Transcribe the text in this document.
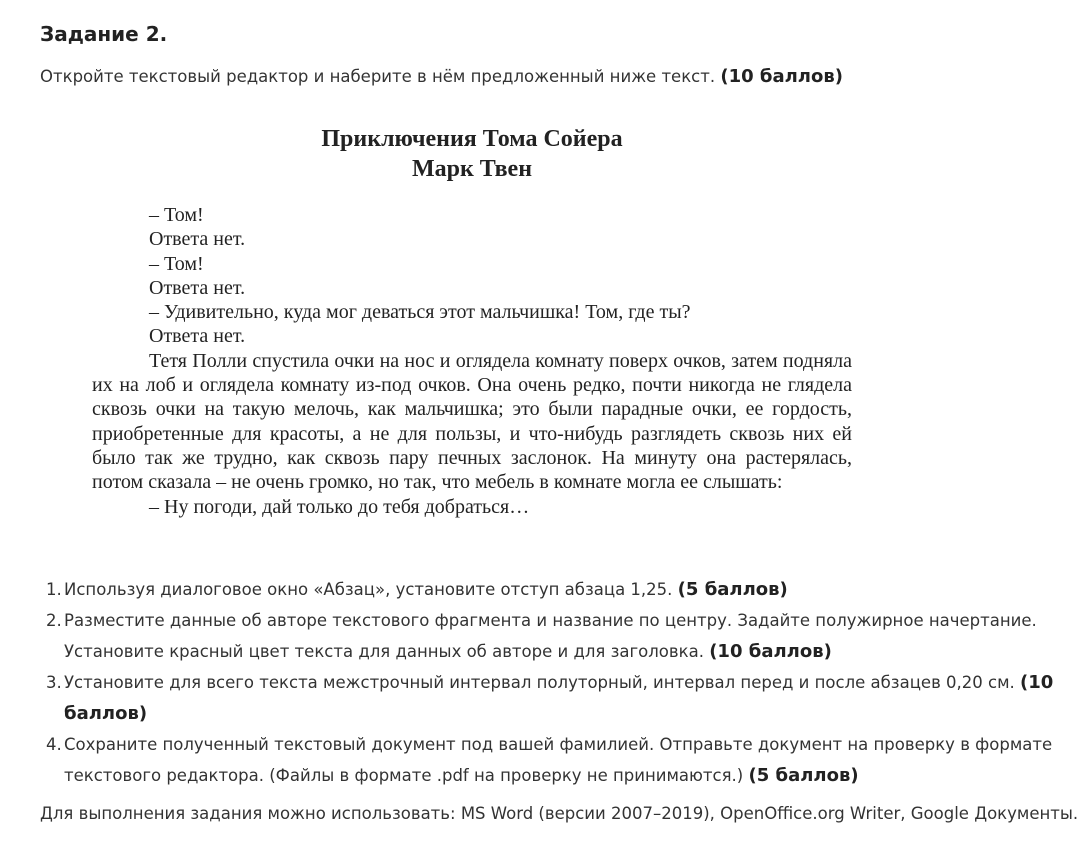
Задание 2.
Откройте текстовый редактор и наберите в нём предложенный ниже текст. (10 баллов)
Приключения Тома Сойера
Марк Твен
– Том!
Ответа нет.
– Том!
Ответа нет.
– Удивительно, куда мог деваться этот мальчишка! Том, где ты?
Ответа нет.
Тетя Полли спустила очки на нос и оглядела комнату поверх очков, затем подняла их на лоб и оглядела комнату из-под очков. Она очень редко, почти никогда не глядела сквозь очки на такую мелочь, как мальчишка; это были парадные очки, ее гордость, приобретенные для красоты, а не для пользы, и что-нибудь разглядеть сквозь них ей было так же трудно, как сквозь пару печных заслонок. На минуту она растерялась, потом сказала – не очень громко, но так, что мебель в комнате могла ее слышать:
– Ну погоди, дай только до тебя добраться…
1. Используя диалоговое окно «Абзац», установите отступ абзаца 1,25. (5 баллов)
2. Разместите данные об авторе текстового фрагмента и название по центру. Задайте полужирное начертание. Установите красный цвет текста для данных об авторе и для заголовка. (10 баллов)
3. Установите для всего текста межстрочный интервал полуторный, интервал перед и после абзацев 0,20 см. (10 баллов)
4. Сохраните полученный текстовый документ под вашей фамилией. Отправьте документ на проверку в формате текстового редактора. (Файлы в формате .pdf на проверку не принимаются.) (5 баллов)
Для выполнения задания можно использовать: MS Word (версии 2007–2019), OpenOffice.org Writer, Google Документы.
